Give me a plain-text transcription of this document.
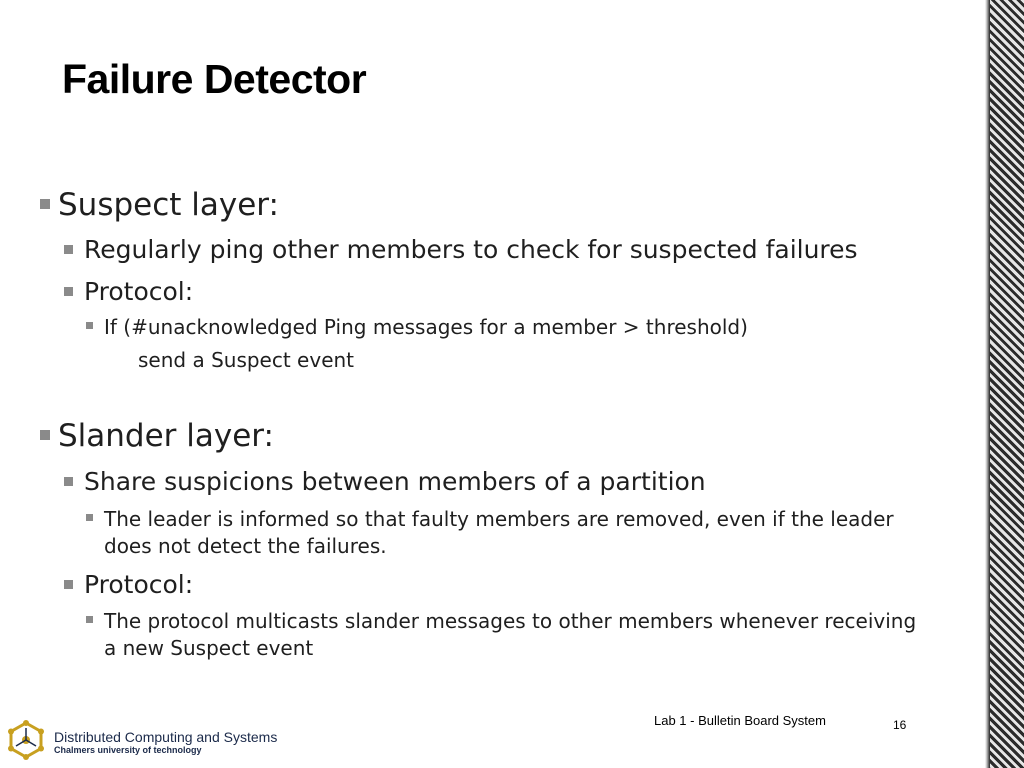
Failure Detector
Suspect layer:
Regularly ping other members to check for suspected failures
Protocol:
If (#unacknowledged Ping messages for a member > threshold)
send a Suspect event
Slander layer:
Share suspicions between members of a partition
The leader is informed so that faulty members are removed, even if the leader does not detect the failures.
Protocol:
The protocol multicasts slander messages to other members whenever receiving a new Suspect event
Distributed Computing and Systems
Chalmers university of technology
Lab 1 - Bulletin Board System	16
